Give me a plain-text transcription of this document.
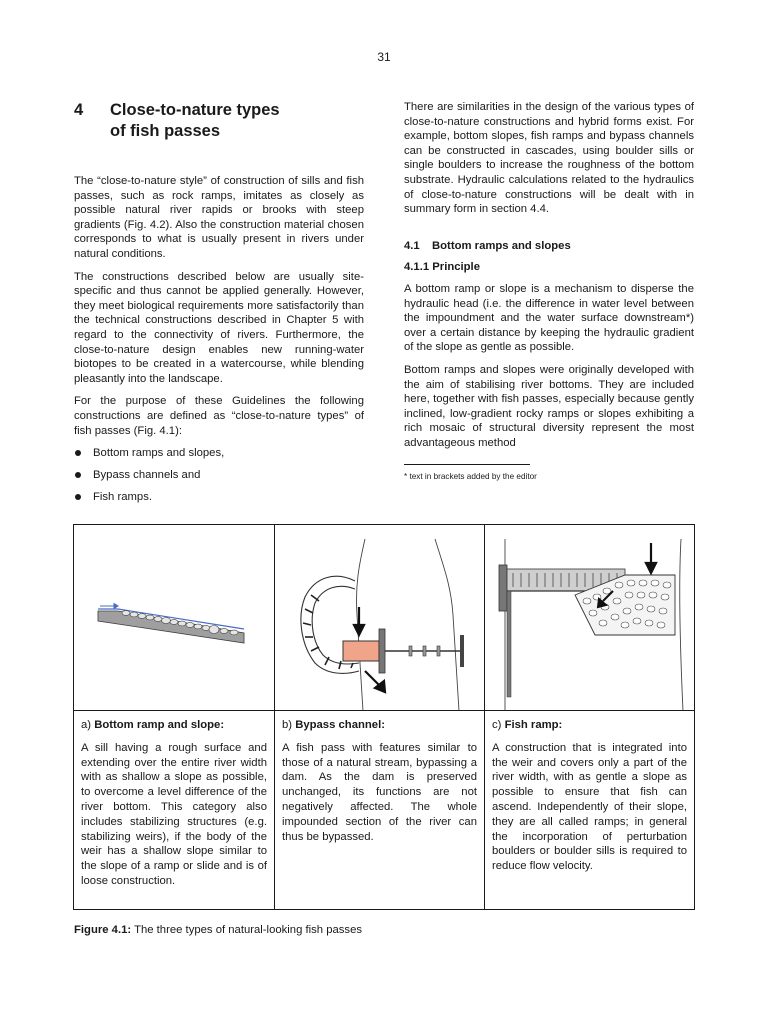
31
4	Close-to-nature types
of fish passes

The “close-to-nature style” of construction of sills and fish passes, such as rock ramps, imitates as closely as possible natural river rapids or brooks with steep gradients (Fig. 4.2). Also the construction material chosen corresponds to what is usually present in rivers under natural conditions.

The constructions described below are usually site-specific and thus cannot be applied generally. However, they meet biological requirements more satisfactorily than the technical constructions described in Chapter 5 with regard to the connectivity of rivers. Furthermore, the close-to-nature design enables new running-water biotopes to be created in a watercourse, while blending pleasantly into the landscape.

For the purpose of these Guidelines the following constructions are defined as “close-to-nature types” of fish passes (Fig. 4.1):

Bottom ramps and slopes,
Bypass channels and
Fish ramps.

There are similarities in the design of the various types of close-to-nature constructions and hybrid forms exist. For example, bottom slopes, fish ramps and bypass channels can be constructed in cascades, using boulder sills or single boulders to increase the roughness of the bottom substrate. Hydraulic calculations related to the hydraulics of close-to-nature constructions will be dealt with in summary form in section 4.4.

4.1	Bottom ramps and slopes
4.1.1 Principle

A bottom ramp or slope is a mechanism to disperse the hydraulic head (i.e. the difference in water level between the impoundment and the water surface downstream*) over a certain distance by keeping the hydraulic gradient of the slope as gentle as possible.

Bottom ramps and slopes were originally developed with the aim of stabilising river bottoms. They are included here, together with fish passes, especially because gently inclined, low-gradient rocky ramps or slopes exhibiting a rich mosaic of structural diversity represent the most advantageous method

* text in brackets added by the editor
a) Bottom ramp and slope:
A sill having a rough surface and extending over the entire river width with as shallow a slope as possible, to overcome a level difference of the river bottom. This category also includes stabilizing structures (e.g. stabilizing weirs), if the body of the weir has a shallow slope similar to the slope of a ramp or slide and is of loose construction.
b) Bypass channel:
A fish pass with features similar to those of a natural stream, bypassing a dam. As the dam is preserved unchanged, its functions are not negatively affected. The whole impounded section of the river can thus be bypassed.
c) Fish ramp:
A construction that is integrated into the weir and covers only a part of the river width, with as gentle a slope as possible to ensure that fish can ascend. Independently of their slope, they are all called ramps; in general the incorporation of perturbation boulders or boulder sills is required to reduce flow velocity.
Figure 4.1: The three types of natural-looking fish passes
